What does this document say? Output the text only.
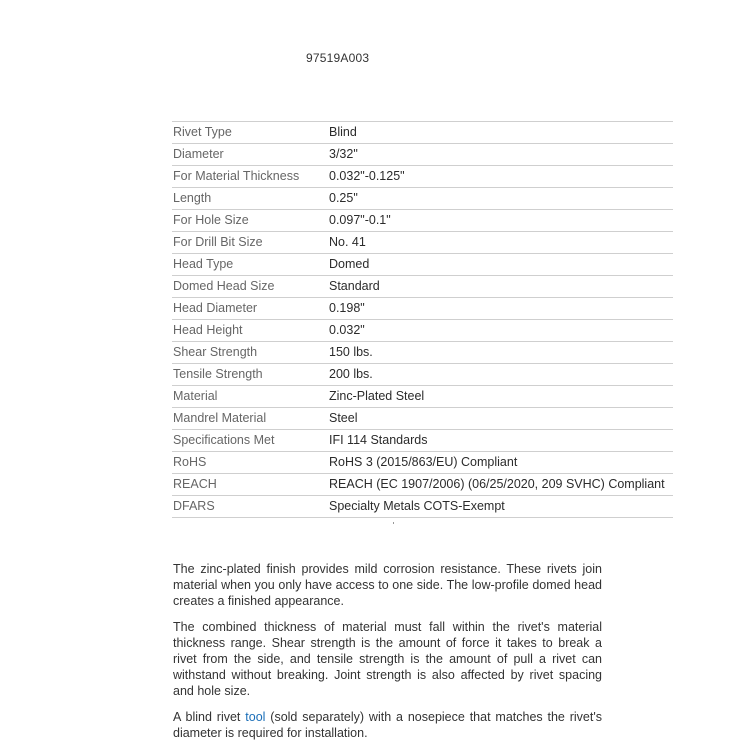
97519A003
Rivet Type	Blind
Diameter	3/32"
For Material Thickness	0.032"-0.125"
Length	0.25"
For Hole Size	0.097"-0.1"
For Drill Bit Size	No. 41
Head Type	Domed
Domed Head Size	Standard
Head Diameter	0.198"
Head Height	0.032"
Shear Strength	150 lbs.
Tensile Strength	200 lbs.
Material	Zinc-Plated Steel
Mandrel Material	Steel
Specifications Met	IFI 114 Standards
RoHS	RoHS 3 (2015/863/EU) Compliant
REACH	REACH (EC 1907/2006) (06/25/2020, 209 SVHC) Compliant
DFARS	Specialty Metals COTS-Exempt

The zinc-plated finish provides mild corrosion resistance. These rivets join material when you only have access to one side. The low-profile domed head creates a finished appearance.

The combined thickness of material must fall within the rivet's material thickness range. Shear strength is the amount of force it takes to break a rivet from the side, and tensile strength is the amount of pull a rivet can withstand without breaking. Joint strength is also affected by rivet spacing and hole size.

A blind rivet tool (sold separately) with a nosepiece that matches the rivet's diameter is required for installation.
